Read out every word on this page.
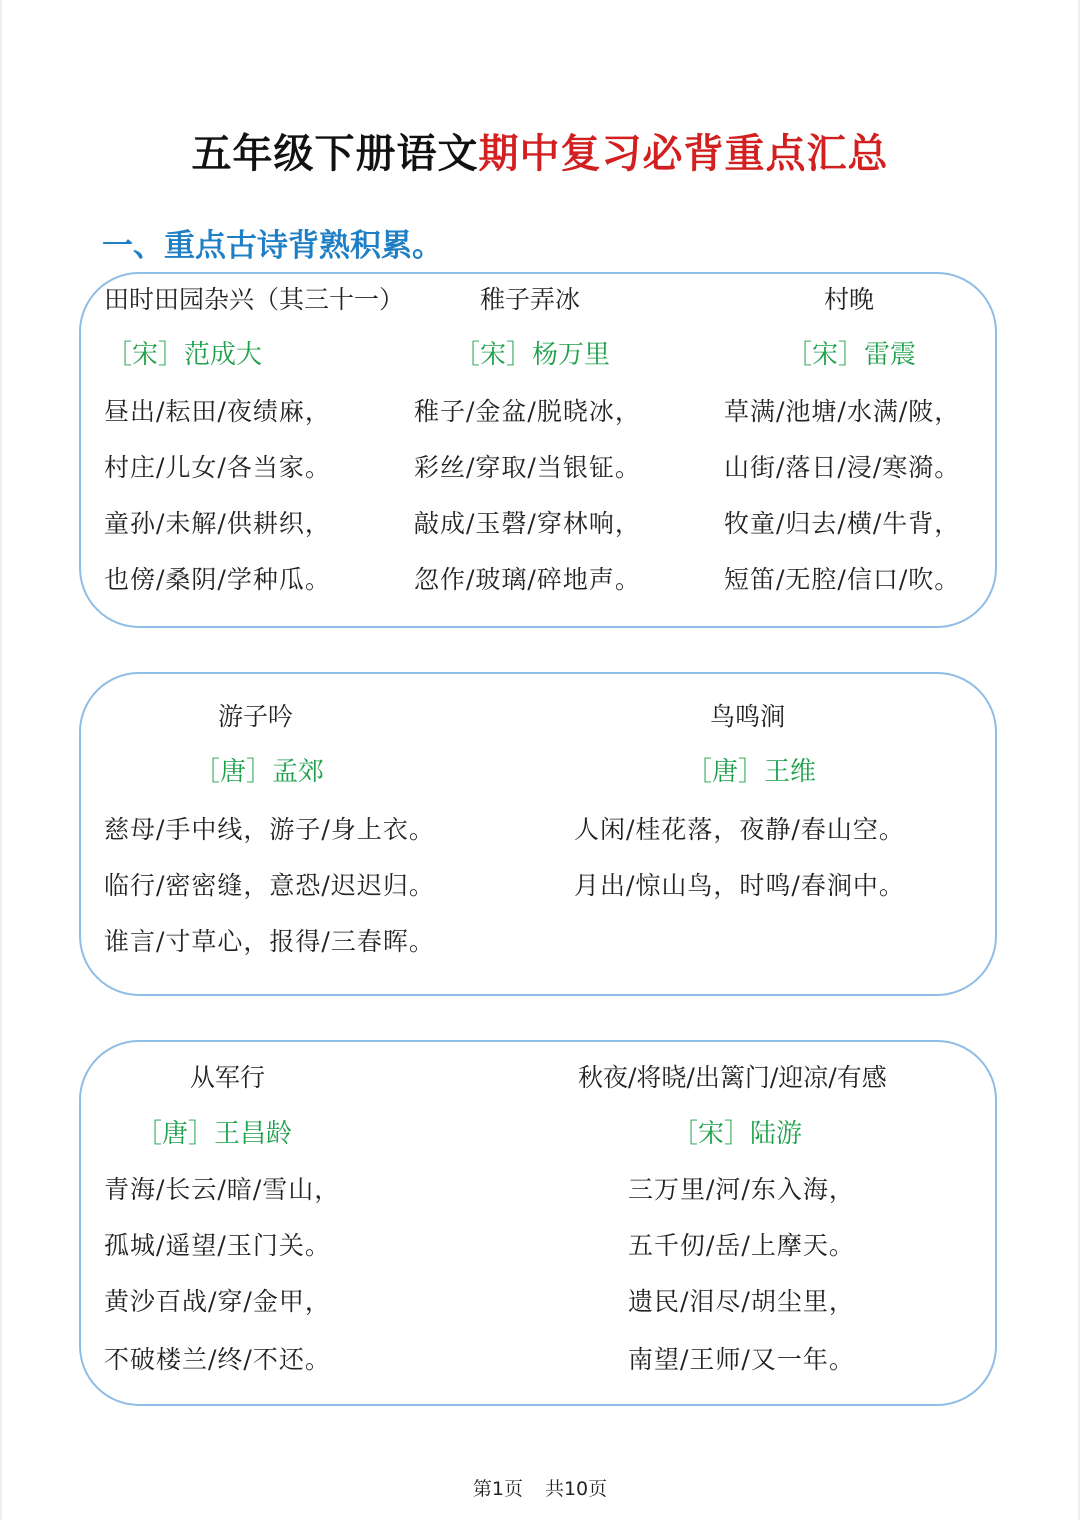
五年级下册语文期中复习必背重点汇总
一、重点古诗背熟积累。
田时田园杂兴（其三十一）
［宋］范成大
昼出/耘田/夜绩麻，
村庄/儿女/各当家。
童孙/未解/供耕织，
也傍/桑阴/学种瓜。
稚子弄冰
［宋］杨万里
稚子/金盆/脱晓冰，
彩丝/穿取/当银钲。
敲成/玉磬/穿林响，
忽作/玻璃/碎地声。
村晚
［宋］雷震
草满/池塘/水满/陂，
山街/落日/浸/寒漪。
牧童/归去/横/牛背，
短笛/无腔/信口/吹。
游子吟
［唐］孟郊
慈母/手中线，游子/身上衣。
临行/密密缝，意恐/迟迟归。
谁言/寸草心，报得/三春晖。
鸟鸣涧
［唐］王维
人闲/桂花落，夜静/春山空。
月出/惊山鸟，时鸣/春涧中。
从军行
［唐］王昌龄
青海/长云/暗/雪山，
孤城/遥望/玉门关。
黄沙百战/穿/金甲，
不破楼兰/终/不还。
秋夜/将晓/出篱门/迎凉/有感
［宋］陆游
三万里/河/东入海，
五千仞/岳/上摩天。
遗民/泪尽/胡尘里，
南望/王师/又一年。
第1页 共10页
